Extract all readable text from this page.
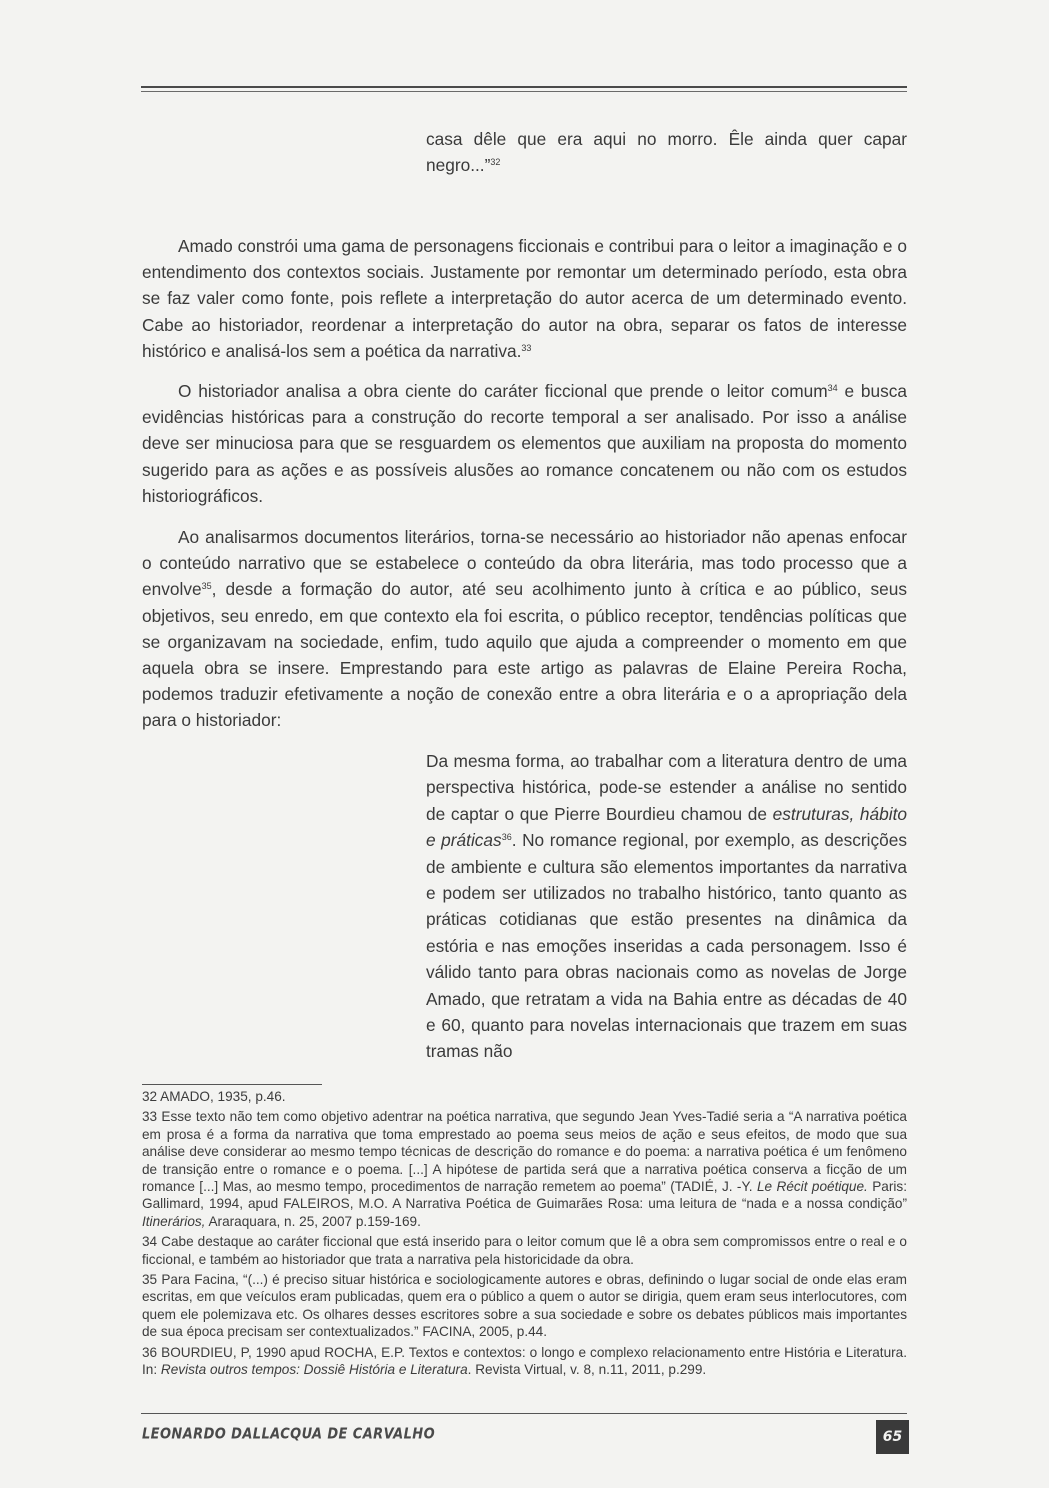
casa dêle que era aqui no morro. Êle ainda quer capar negro...”$^{32}$

Amado constrói uma gama de personagens ficcionais e contribui para o leitor a imaginação e o entendimento dos contextos sociais. Justamente por remontar um determinado período, esta obra se faz valer como fonte, pois reflete a interpretação do autor acerca de um determinado evento. Cabe ao historiador, reordenar a interpretação do autor na obra, separar os fatos de interesse histórico e analisá-los sem a poética da narrativa.$^{33}$

O historiador analisa a obra ciente do caráter ficcional que prende o leitor comum$^{34}$ e busca evidências históricas para a construção do recorte temporal a ser analisado. Por isso a análise deve ser minuciosa para que se resguardem os elementos que auxiliam na proposta do momento sugerido para as ações e as possíveis alusões ao romance concatenem ou não com os estudos historiográficos.

Ao analisarmos documentos literários, torna-se necessário ao historiador não apenas enfocar o conteúdo narrativo que se estabelece o conteúdo da obra literária, mas todo processo que a envolve$^{35}$, desde a formação do autor, até seu acolhimento junto à crítica e ao público, seus objetivos, seu enredo, em que contexto ela foi escrita, o público receptor, tendências políticas que se organizavam na sociedade, enfim, tudo aquilo que ajuda a compreender o momento em que aquela obra se insere. Emprestando para este artigo as palavras de Elaine Pereira Rocha, podemos traduzir efetivamente a noção de conexão entre a obra literária e o a apropriação dela para o historiador:

Da mesma forma, ao trabalhar com a literatura dentro de uma perspectiva histórica, pode-se estender a análise no sentido de captar o que Pierre Bourdieu chamou de estruturas, hábito e práticas$^{36}$. No romance regional, por exemplo, as descrições de ambiente e cultura são elementos importantes da narrativa e podem ser utilizados no trabalho histórico, tanto quanto as práticas cotidianas que estão presentes na dinâmica da estória e nas emoções inseridas a cada personagem. Isso é válido tanto para obras nacionais como as novelas de Jorge Amado, que retratam a vida na Bahia entre as décadas de 40 e 60, quanto para novelas internacionais que trazem em suas tramas não

32 AMADO, 1935, p.46.

33 Esse texto não tem como objetivo adentrar na poética narrativa, que segundo Jean Yves-Tadié seria a “A narrativa poética em prosa é a forma da narrativa que toma emprestado ao poema seus meios de ação e seus efeitos, de modo que sua análise deve considerar ao mesmo tempo técnicas de descrição do romance e do poema: a narrativa poética é um fenômeno de transição entre o romance e o poema. [...] A hipótese de partida será que a narrativa poética conserva a ficção de um romance [...] Mas, ao mesmo tempo, procedimentos de narração remetem ao poema” (TADIÉ, J. -Y. Le Récit poétique. Paris: Gallimard, 1994, apud FALEIROS, M.O. A Narrativa Poética de Guimarães Rosa: uma leitura de “nada e a nossa condição” Itinerários, Araraquara, n. 25, 2007 p.159-169.

34 Cabe destaque ao caráter ficcional que está inserido para o leitor comum que lê a obra sem compromissos entre o real e o ficcional, e também ao historiador que trata a narrativa pela historicidade da obra.

35 Para Facina, “(...) é preciso situar histórica e sociologicamente autores e obras, definindo o lugar social de onde elas eram escritas, em que veículos eram publicadas, quem era o público a quem o autor se dirigia, quem eram seus interlocutores, com quem ele polemizava etc. Os olhares desses escritores sobre a sua sociedade e sobre os debates públicos mais importantes de sua época precisam ser contextualizados.” FACINA, 2005, p.44.

36 BOURDIEU, P, 1990 apud ROCHA, E.P. Textos e contextos: o longo e complexo relacionamento entre História e Literatura. In: Revista outros tempos: Dossiê História e Literatura. Revista Virtual, v. 8, n.11, 2011, p.299.

LEONARDO DALLACQUA DE CARVALHO	65
